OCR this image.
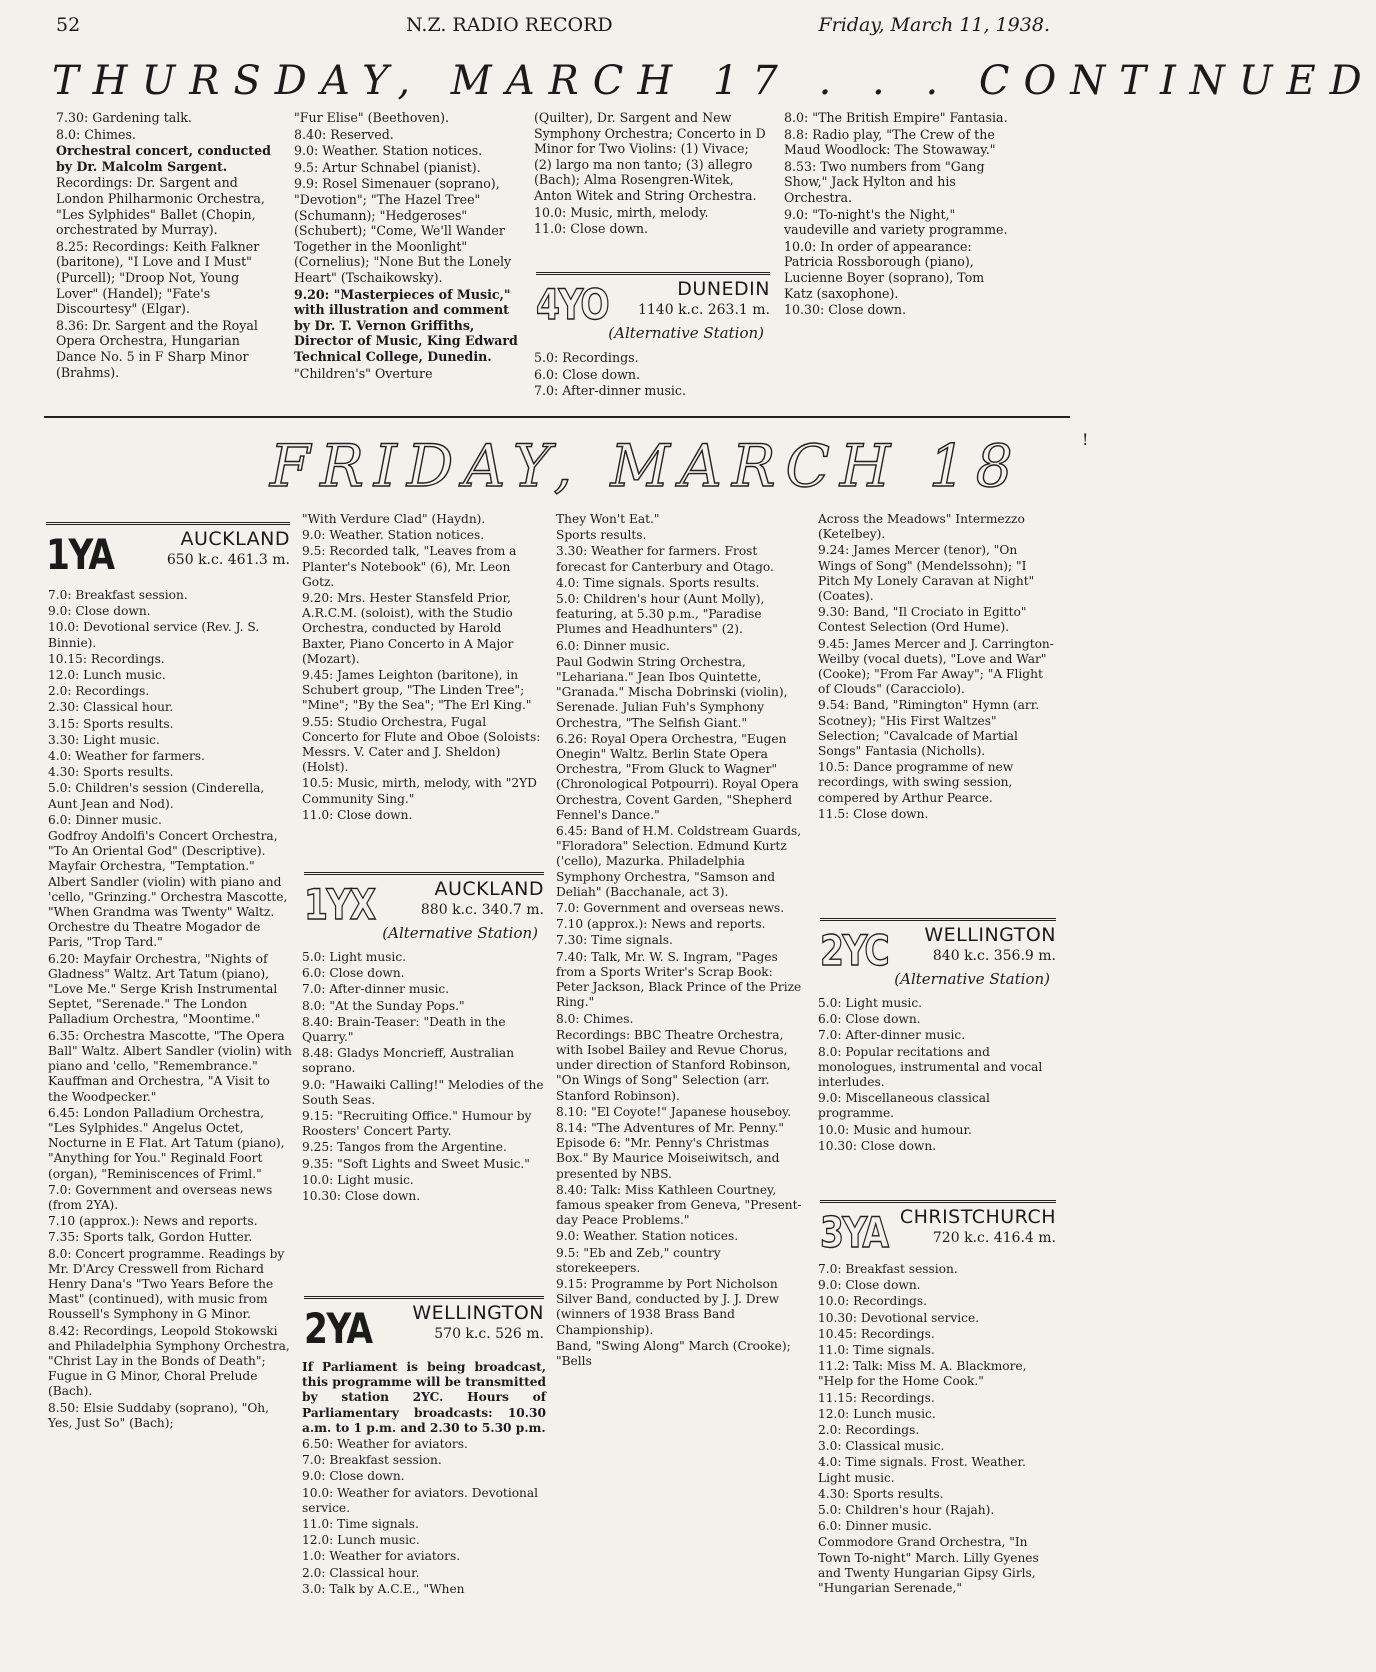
52	N.Z. RADIO RECORD	Friday, March 11, 1938.
THURSDAY, MARCH 17 . . . CONTINUED

7.30: Gardening talk.

8.0: Chimes.

Orchestral concert, conducted by Dr. Malcolm Sargent.

Recordings: Dr. Sargent and London Philharmonic Orchestra, "Les Sylphides" Ballet (Chopin, orchestrated by Murray).

8.25: Recordings: Keith Falkner (baritone), "I Love and I Must" (Purcell); "Droop Not, Young Lover" (Handel); "Fate's Discourtesy" (Elgar).

8.36: Dr. Sargent and the Royal Opera Orchestra, Hungarian Dance No. 5 in F Sharp Minor (Brahms).

"Fur Elise" (Beethoven).

8.40: Reserved.

9.0: Weather. Station notices.

9.5: Artur Schnabel (pianist).

9.9: Rosel Simenauer (soprano), "Devotion"; "The Hazel Tree" (Schumann); "Hedgeroses" (Schubert); "Come, We'll Wander Together in the Moonlight" (Cornelius); "None But the Lonely Heart" (Tschaikowsky).

9.20: "Masterpieces of Music," with illustration and comment by Dr. T. Vernon Griffiths, Director of Music, King Edward Technical College, Dunedin.

"Children's" Overture

(Quilter), Dr. Sargent and New Symphony Orchestra; Concerto in D Minor for Two Violins: (1) Vivace; (2) largo ma non tanto; (3) allegro (Bach); Alma Rosengren-Witek, Anton Witek and String Orchestra.

10.0: Music, mirth, melody.

11.0: Close down.

4YO	DUNEDIN
1140 k.c. 263.1 m.
(Alternative Station)

5.0: Recordings.

6.0: Close down.

7.0: After-dinner music.

8.0: "The British Empire" Fantasia.

8.8: Radio play, "The Crew of the Maud Woodlock: The Stowaway."

8.53: Two numbers from "Gang Show," Jack Hylton and his Orchestra.

9.0: "To-night's the Night," vaudeville and variety programme.

10.0: In order of appearance: Patricia Rossborough (piano), Lucienne Boyer (soprano), Tom Katz (saxophone).

10.30: Close down.

FRIDAY, MARCH 18	!
1YA	AUCKLAND
650 k.c. 461.3 m.

7.0: Breakfast session.

9.0: Close down.

10.0: Devotional service (Rev. J. S. Binnie).

10.15: Recordings.

12.0: Lunch music.

2.0: Recordings.

2.30: Classical hour.

3.15: Sports results.

3.30: Light music.

4.0: Weather for farmers.

4.30: Sports results.

5.0: Children's session (Cinderella, Aunt Jean and Nod).

6.0: Dinner music.

Godfroy Andolfi's Concert Orchestra, "To An Oriental God" (Descriptive). Mayfair Orchestra, "Temptation." Albert Sandler (violin) with piano and 'cello, "Grinzing." Orchestra Mascotte, "When Grandma was Twenty" Waltz. Orchestre du Theatre Mogador de Paris, "Trop Tard."

6.20: Mayfair Orchestra, "Nights of Gladness" Waltz. Art Tatum (piano), "Love Me." Serge Krish Instrumental Septet, "Serenade." The London Palladium Orchestra, "Moontime."

6.35: Orchestra Mascotte, "The Opera Ball" Waltz. Albert Sandler (violin) with piano and 'cello, "Remembrance." Kauffman and Orchestra, "A Visit to the Woodpecker."

6.45: London Palladium Orchestra, "Les Sylphides." Angelus Octet, Nocturne in E Flat. Art Tatum (piano), "Anything for You." Reginald Foort (organ), "Reminiscences of Friml."

7.0: Government and overseas news (from 2YA).

7.10 (approx.): News and reports.

7.35: Sports talk, Gordon Hutter.

8.0: Concert programme. Readings by Mr. D'Arcy Cresswell from Richard Henry Dana's "Two Years Before the Mast" (continued), with music from Roussell's Symphony in G Minor.

8.42: Recordings, Leopold Stokowski and Philadelphia Symphony Orchestra, "Christ Lay in the Bonds of Death"; Fugue in G Minor, Choral Prelude (Bach).

8.50: Elsie Suddaby (soprano), "Oh, Yes, Just So" (Bach);

"With Verdure Clad" (Haydn).

9.0: Weather. Station notices.

9.5: Recorded talk, "Leaves from a Planter's Notebook" (6), Mr. Leon Gotz.

9.20: Mrs. Hester Stansfeld Prior, A.R.C.M. (soloist), with the Studio Orchestra, conducted by Harold Baxter, Piano Concerto in A Major (Mozart).

9.45: James Leighton (baritone), in Schubert group, "The Linden Tree"; "Mine"; "By the Sea"; "The Erl King."

9.55: Studio Orchestra, Fugal Concerto for Flute and Oboe (Soloists: Messrs. V. Cater and J. Sheldon) (Holst).

10.5: Music, mirth, melody, with "2YD Community Sing."

11.0: Close down.

1YX	AUCKLAND
880 k.c. 340.7 m.
(Alternative Station)

5.0: Light music.

6.0: Close down.

7.0: After-dinner music.

8.0: "At the Sunday Pops."

8.40: Brain-Teaser: "Death in the Quarry."

8.48: Gladys Moncrieff, Australian soprano.

9.0: "Hawaiki Calling!" Melodies of the South Seas.

9.15: "Recruiting Office." Humour by Roosters' Concert Party.

9.25: Tangos from the Argentine.

9.35: "Soft Lights and Sweet Music."

10.0: Light music.

10.30: Close down.

2YA WELLINGTON
570 k.c. 526 m.

If Parliament is being broadcast, this programme will be transmitted by station 2YC. Hours of Parliamentary broadcasts: 10.30 a.m. to 1 p.m. and 2.30 to 5.30 p.m.

6.50: Weather for aviators.

7.0: Breakfast session.

9.0: Close down.

10.0: Weather for aviators. Devotional service.

11.0: Time signals.

12.0: Lunch music.

1.0: Weather for aviators.

2.0: Classical hour.

3.0: Talk by A.C.E., "When

They Won't Eat."

Sports results.

3.30: Weather for farmers. Frost forecast for Canterbury and Otago.

4.0: Time signals. Sports results.

5.0: Children's hour (Aunt Molly), featuring, at 5.30 p.m., "Paradise Plumes and Headhunters" (2).

6.0: Dinner music.

Paul Godwin String Orchestra, "Lehariana." Jean Ibos Quintette, "Granada." Mischa Dobrinski (violin), Serenade. Julian Fuh's Symphony Orchestra, "The Selfish Giant."

6.26: Royal Opera Orchestra, "Eugen Onegin" Waltz. Berlin State Opera Orchestra, "From Gluck to Wagner" (Chronological Potpourri). Royal Opera Orchestra, Covent Garden, "Shepherd Fennel's Dance."

6.45: Band of H.M. Coldstream Guards, "Floradora" Selection. Edmund Kurtz ('cello), Mazurka. Philadelphia Symphony Orchestra, "Samson and Deliah" (Bacchanale, act 3).

7.0: Government and overseas news.

7.10 (approx.): News and reports.

7.30: Time signals.

7.40: Talk, Mr. W. S. Ingram, "Pages from a Sports Writer's Scrap Book: Peter Jackson, Black Prince of the Prize Ring."

8.0: Chimes.

Recordings: BBC Theatre Orchestra, with Isobel Bailey and Revue Chorus, under direction of Stanford Robinson, "On Wings of Song" Selection (arr. Stanford Robinson).

8.10: "El Coyote!" Japanese houseboy.

8.14: "The Adventures of Mr. Penny." Episode 6: "Mr. Penny's Christmas Box." By Maurice Moiseiwitsch, and presented by NBS.

8.40: Talk: Miss Kathleen Courtney, famous speaker from Geneva, "Present-day Peace Problems."

9.0: Weather. Station notices.

9.5: "Eb and Zeb," country storekeepers.

9.15: Programme by Port Nicholson Silver Band, conducted by J. J. Drew (winners of 1938 Brass Band Championship).

Band, "Swing Along" March (Crooke); "Bells

Across the Meadows" Intermezzo (Ketelbey).

9.24: James Mercer (tenor), "On Wings of Song" (Mendelssohn); "I Pitch My Lonely Caravan at Night" (Coates).

9.30: Band, "Il Crociato in Egitto" Contest Selection (Ord Hume).

9.45: James Mercer and J. Carrington-Weilby (vocal duets), "Love and War" (Cooke); "From Far Away"; "A Flight of Clouds" (Caracciolo).

9.54: Band, "Rimington" Hymn (arr. Scotney); "His First Waltzes" Selection; "Cavalcade of Martial Songs" Fantasia (Nicholls).

10.5: Dance programme of new recordings, with swing session, compered by Arthur Pearce.

11.5: Close down.

2YC WELLINGTON
840 k.c. 356.9 m.
(Alternative Station)

5.0: Light music.

6.0: Close down.

7.0: After-dinner music.

8.0: Popular recitations and monologues, instrumental and vocal interludes.

9.0: Miscellaneous classical programme.

10.0: Music and humour.

10.30: Close down.

3YA CHRISTCHURCH
720 k.c. 416.4 m.

7.0: Breakfast session.

9.0: Close down.

10.0: Recordings.

10.30: Devotional service.

10.45: Recordings.

11.0: Time signals.

11.2: Talk: Miss M. A. Blackmore, "Help for the Home Cook."

11.15: Recordings.

12.0: Lunch music.

2.0: Recordings.

3.0: Classical music.

4.0: Time signals. Frost. Weather. Light music.

4.30: Sports results.

5.0: Children's hour (Rajah).

6.0: Dinner music.

Commodore Grand Orchestra, "In Town To-night" March. Lilly Gyenes and Twenty Hungarian Gipsy Girls, "Hungarian Serenade,"
